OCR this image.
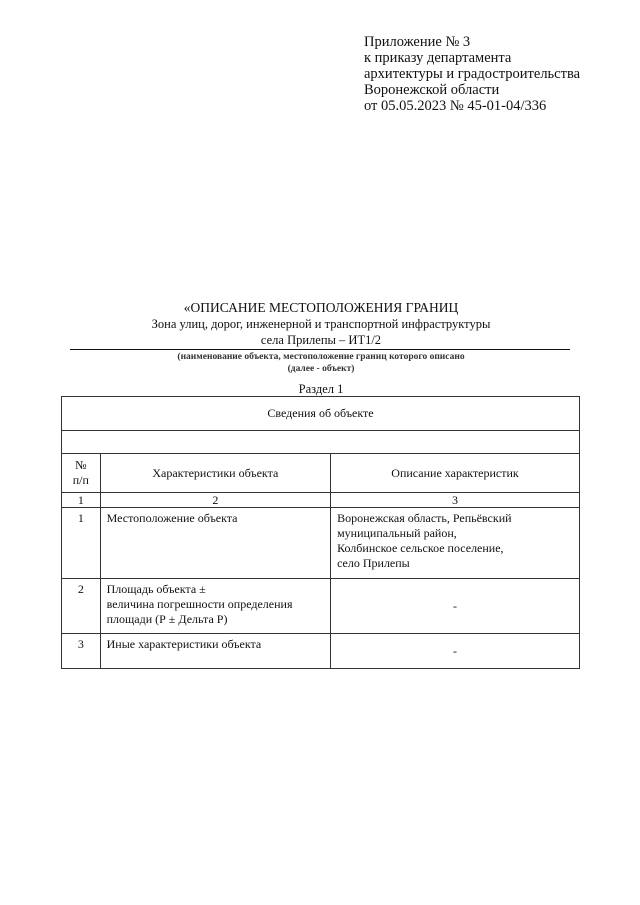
Приложение № 3
к приказу департамента
архитектуры и градостроительства
Воронежской области
от 05.05.2023 № 45-01-04/336
«ОПИСАНИЕ МЕСТОПОЛОЖЕНИЯ ГРАНИЦ
Зона улиц, дорог, инженерной и транспортной инфраструктуры
села Прилепы – ИТ1/2
(наименование объекта, местоположение границ которого описано
(далее - объект)
Раздел 1
Сведения об объекте		

№
п/п	Характеристики объекта	Описание характеристик
1	2	3
1	Местоположение объекта	Воронежская область, Репьёвский
муниципальный район,
Колбинское сельское поселение,
село Прилепы

2	Площадь объекта ±
величина погрешности определения
площади (Р ± Дельта Р)	-
3	Иные характеристики объекта	-
